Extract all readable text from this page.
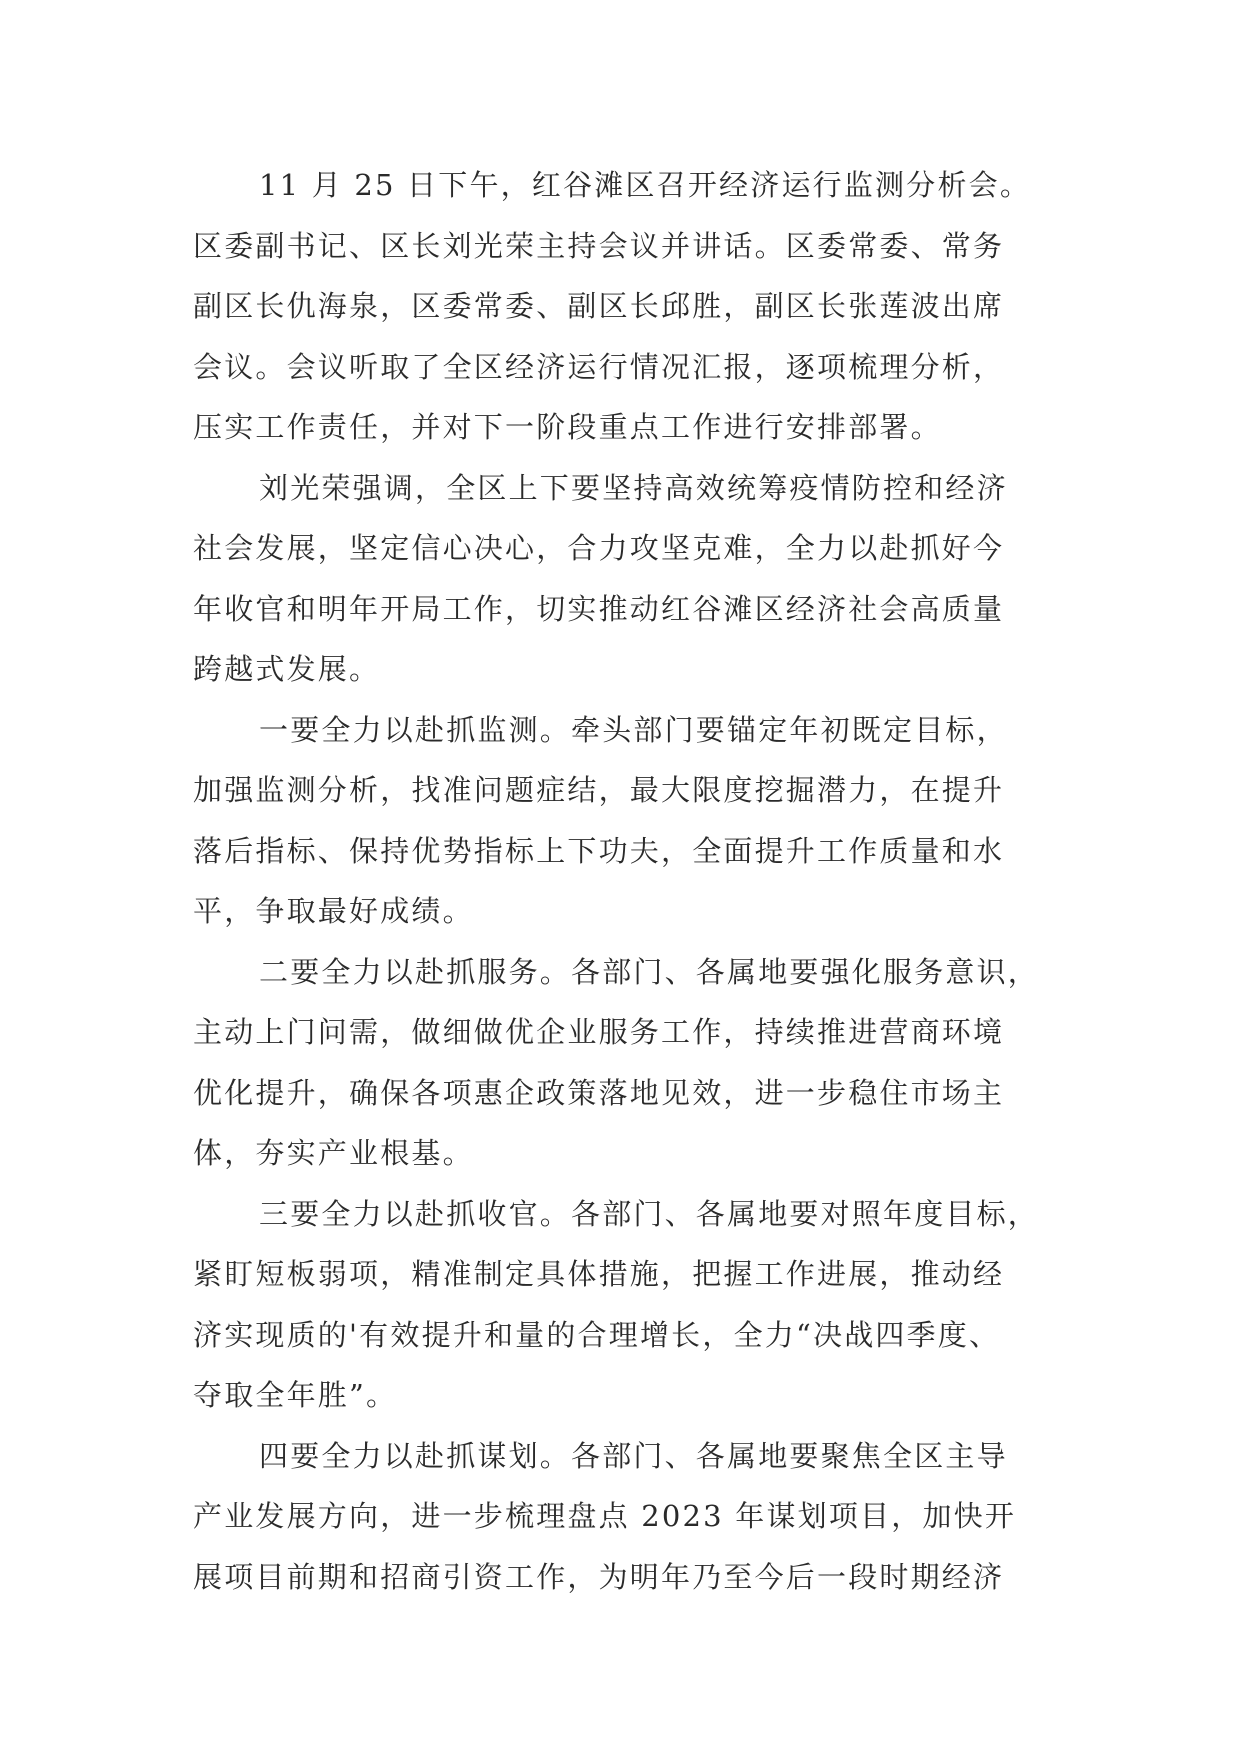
11 月 25 日下午，红谷滩区召开经济运行监测分析会。
区委副书记、区长刘光荣主持会议并讲话。区委常委、常务
副区长仇海泉，区委常委、副区长邱胜，副区长张莲波出席
会议。会议听取了全区经济运行情况汇报，逐项梳理分析，
压实工作责任，并对下一阶段重点工作进行安排部署。
刘光荣强调，全区上下要坚持高效统筹疫情防控和经济
社会发展，坚定信心决心，合力攻坚克难，全力以赴抓好今
年收官和明年开局工作，切实推动红谷滩区经济社会高质量
跨越式发展。
一要全力以赴抓监测。牵头部门要锚定年初既定目标，
加强监测分析，找准问题症结，最大限度挖掘潜力，在提升
落后指标、保持优势指标上下功夫，全面提升工作质量和水
平，争取最好成绩。
二要全力以赴抓服务。各部门、各属地要强化服务意识，
主动上门问需，做细做优企业服务工作，持续推进营商环境
优化提升，确保各项惠企政策落地见效，进一步稳住市场主
体，夯实产业根基。
三要全力以赴抓收官。各部门、各属地要对照年度目标，
紧盯短板弱项，精准制定具体措施，把握工作进展，推动经
济实现质的'有效提升和量的合理增长，全力“决战四季度、
夺取全年胜”。
四要全力以赴抓谋划。各部门、各属地要聚焦全区主导
产业发展方向，进一步梳理盘点 2023 年谋划项目，加快开
展项目前期和招商引资工作，为明年乃至今后一段时期经济
